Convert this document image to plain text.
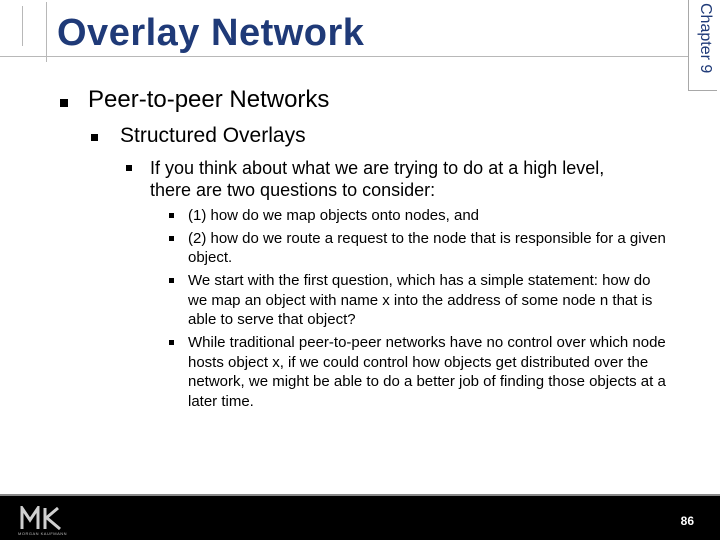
Overlay Network	Chapter 9
Peer-to-peer Networks
Structured Overlays
If you think about what we are trying to do at a high level,
there are two questions to consider:
(1) how do we map objects onto nodes, and
(2) how do we route a request to the node that is responsible for a given
object.
We start with the first question, which has a simple statement: how do
we map an object with name x into the address of some node n that is
able to serve that object?
While traditional peer-to-peer networks have no control over which node
hosts object x, if we could control how objects get distributed over the
network, we might be able to do a better job of finding those objects at a
later time.
MORGAN KAUFMANN
86
